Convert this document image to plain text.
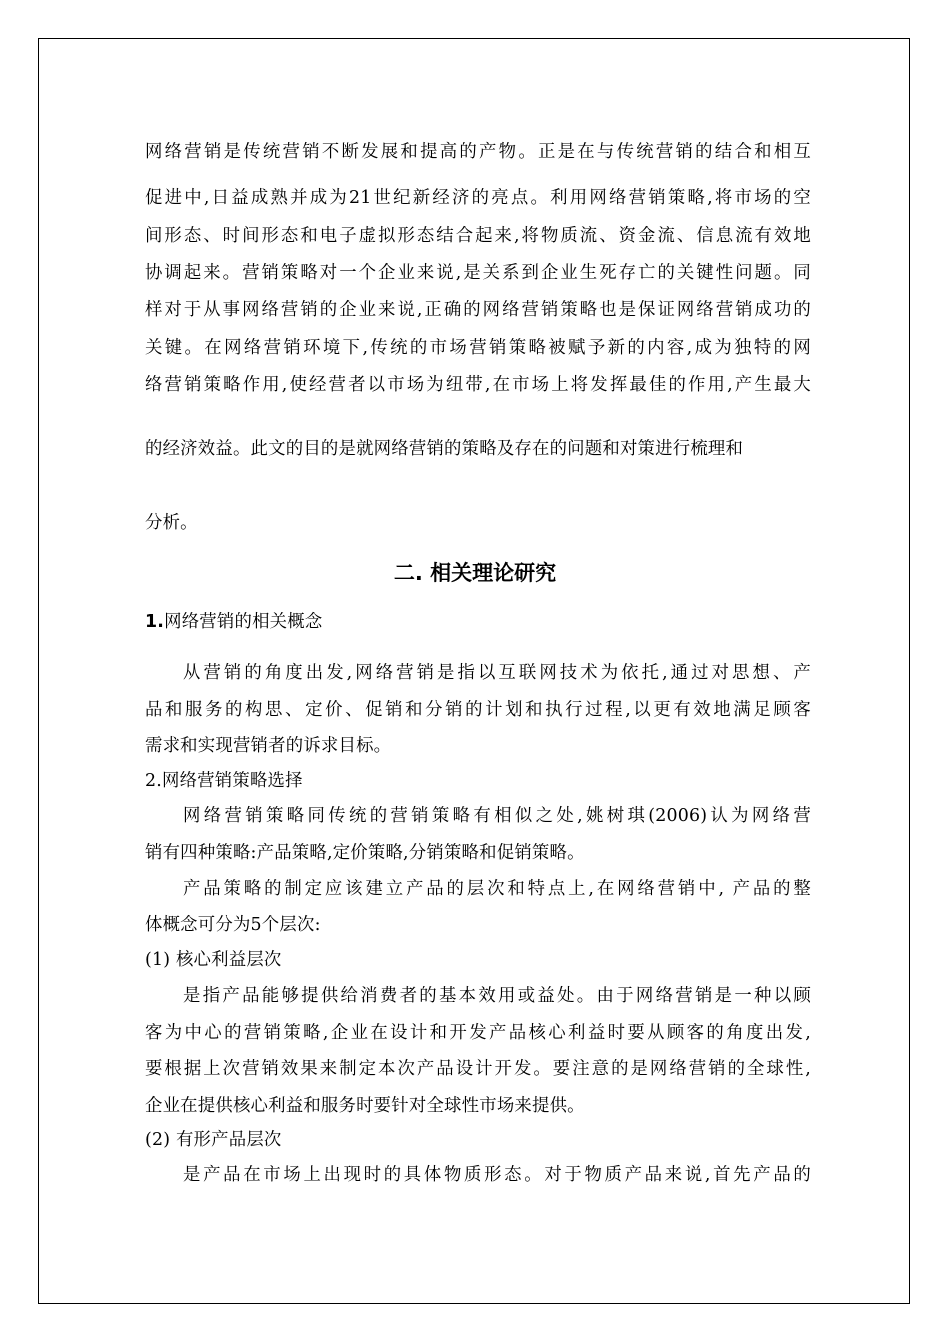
网络营销是传统营销不断发展和提高的产物。正是在与传统营销的结合和相互
促进中,日益成熟并成为21世纪新经济的亮点。利用网络营销策略,将市场的空
间形态、时间形态和电子虚拟形态结合起来,将物质流、资金流、信息流有效地
协调起来。营销策略对一个企业来说,是关系到企业生死存亡的关键性问题。同
样对于从事网络营销的企业来说,正确的网络营销策略也是保证网络营销成功的
关键。在网络营销环境下,传统的市场营销策略被赋予新的内容,成为独特的网
络营销策略作用,使经营者以市场为纽带,在市场上将发挥最佳的作用,产生最大
的经济效益。此文的目的是就网络营销的策略及存在的问题和对策进行梳理和
分析。
二. 相关理论研究
1.网络营销的相关概念
从营销的角度出发,网络营销是指以互联网技术为依托,通过对思想、产
品和服务的构思、定价、促销和分销的计划和执行过程,以更有效地满足顾客
需求和实现营销者的诉求目标。
2.网络营销策略选择
网络营销策略同传统的营销策略有相似之处,姚树琪(2006)认为网络营
销有四种策略:产品策略,定价策略,分销策略和促销策略。
产品策略的制定应该建立产品的层次和特点上,在网络营销中, 产品的整
体概念可分为5个层次:
(1) 核心利益层次
是指产品能够提供给消费者的基本效用或益处。由于网络营销是一种以顾
客为中心的营销策略,企业在设计和开发产品核心利益时要从顾客的角度出发,
要根据上次营销效果来制定本次产品设计开发。要注意的是网络营销的全球性,
企业在提供核心利益和服务时要针对全球性市场来提供。
(2) 有形产品层次
是产品在市场上出现时的具体物质形态。对于物质产品来说,首先产品的
